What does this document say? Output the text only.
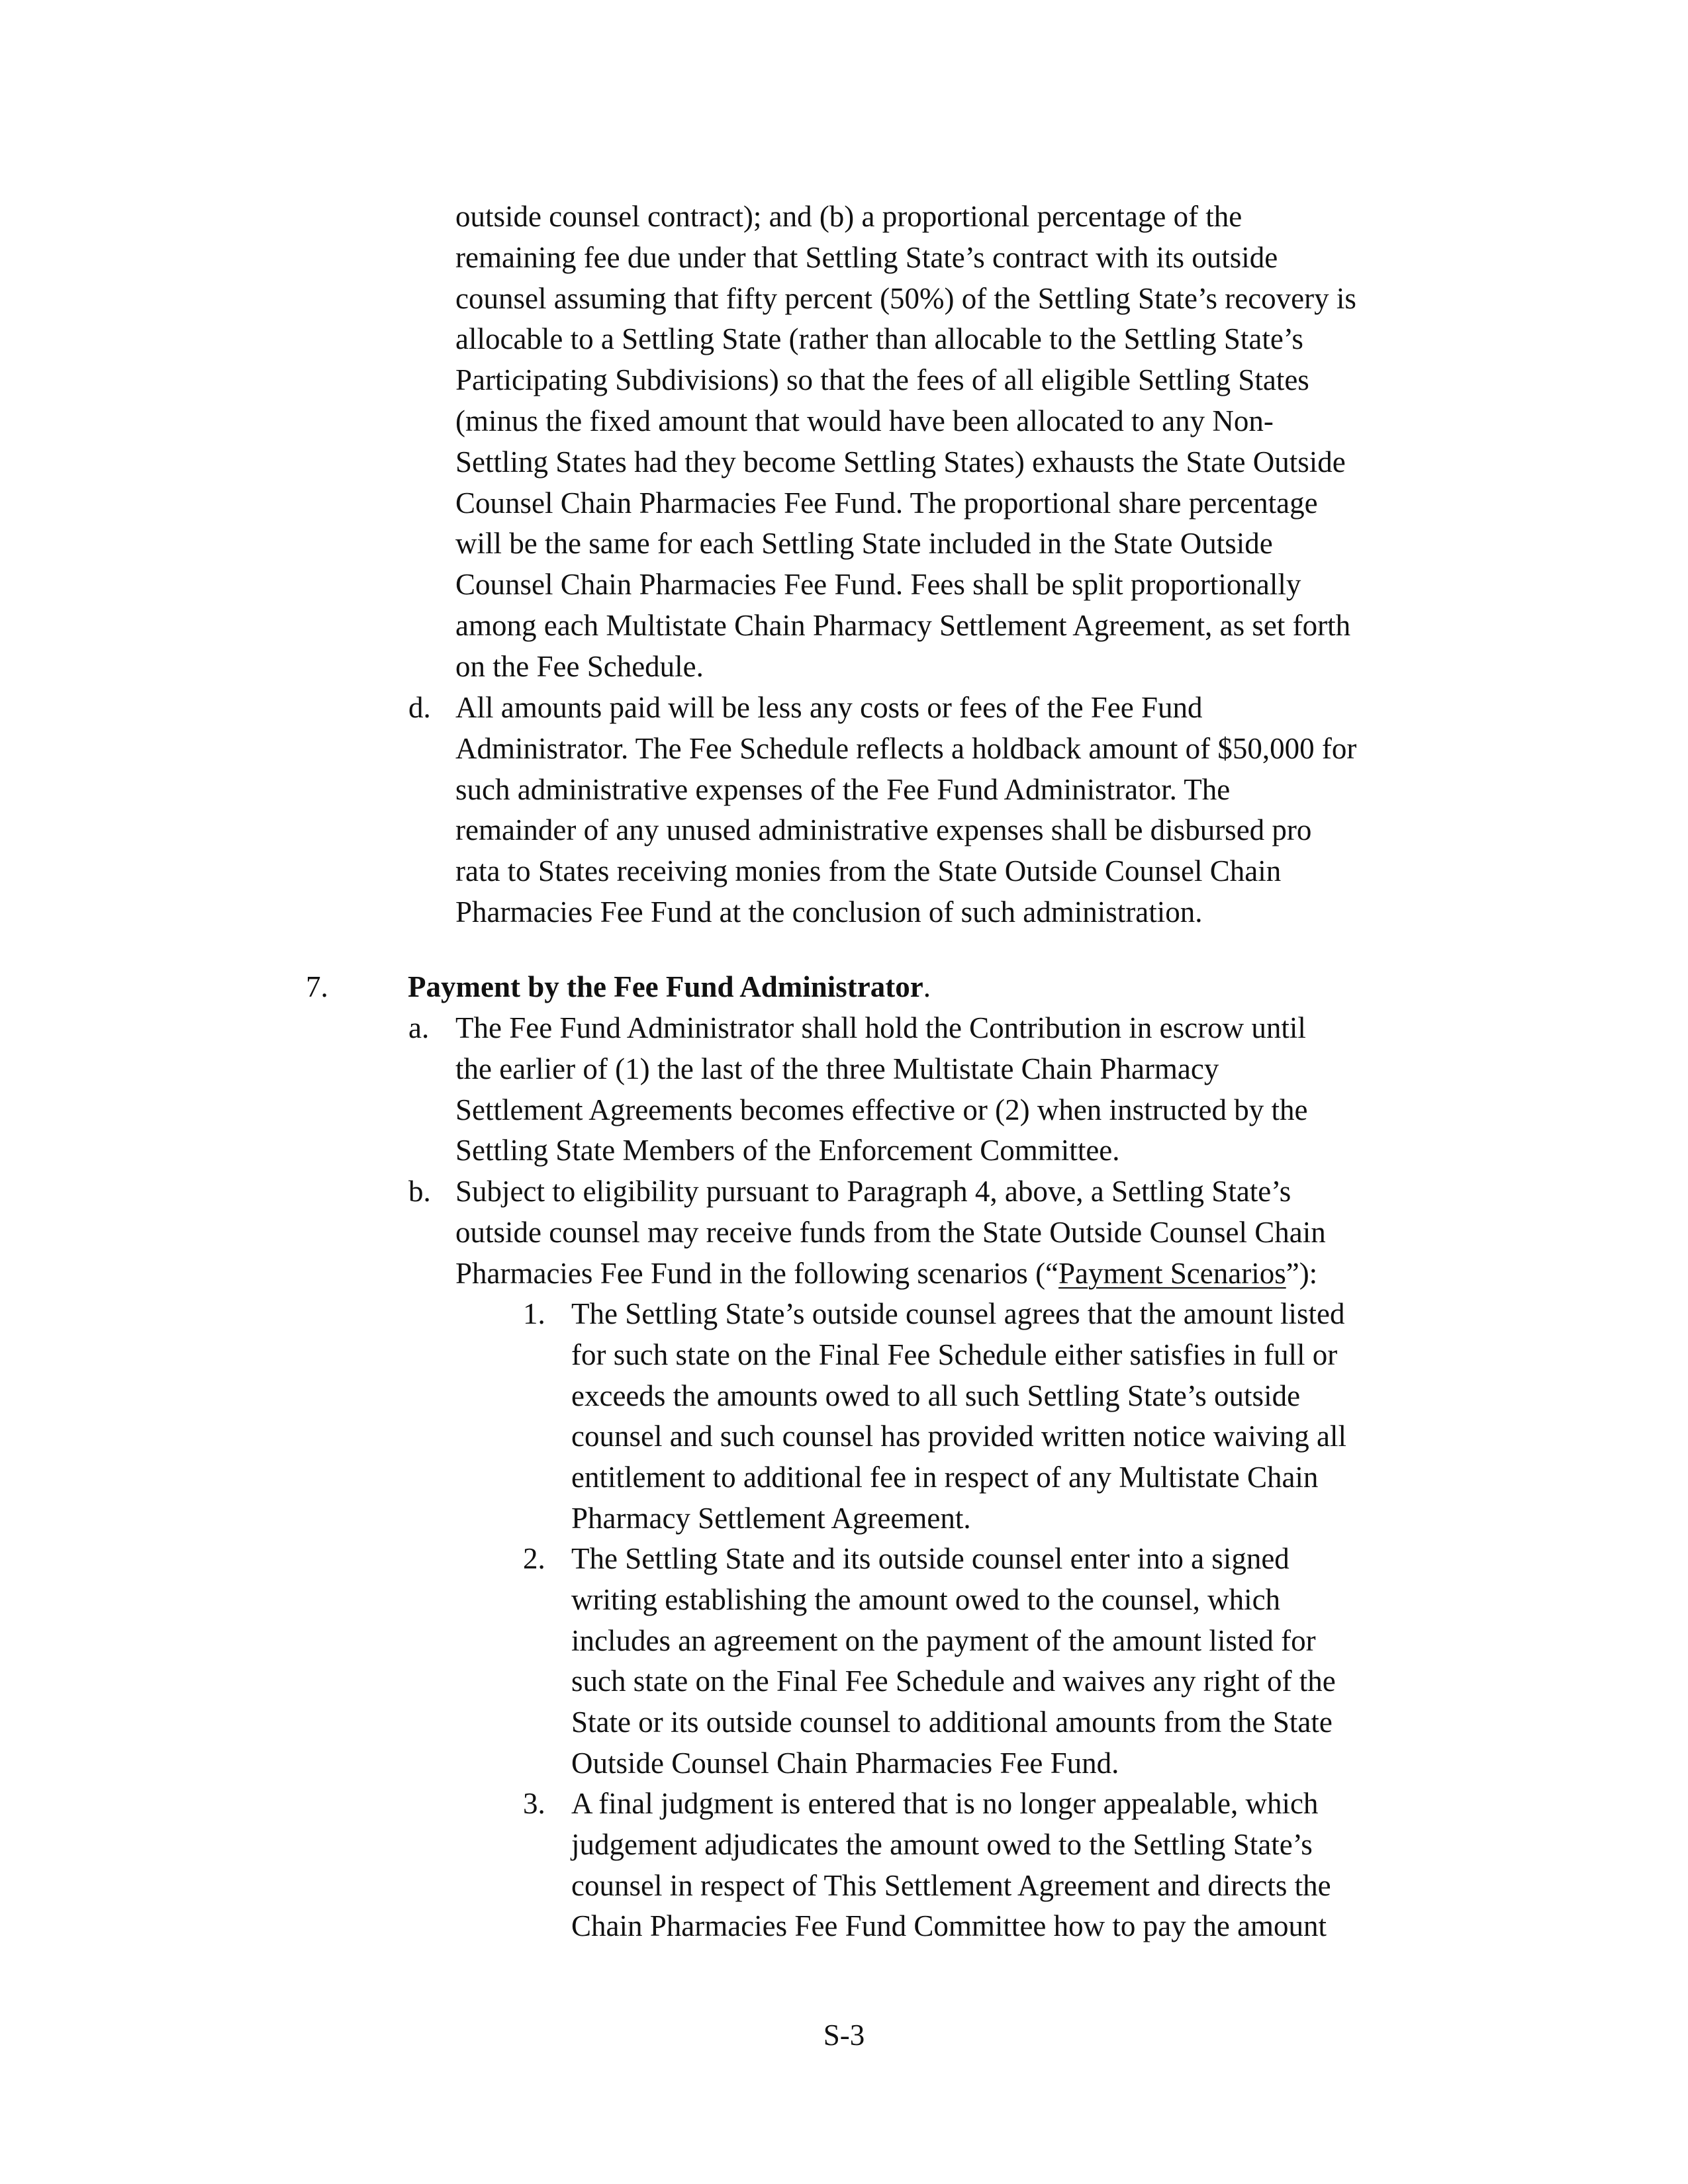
outside counsel contract); and (b) a proportional percentage of the
remaining fee due under that Settling State’s contract with its outside
counsel assuming that fifty percent (50%) of the Settling State’s recovery is
allocable to a Settling State (rather than allocable to the Settling State’s
Participating Subdivisions) so that the fees of all eligible Settling States
(minus the fixed amount that would have been allocated to any Non-
Settling States had they become Settling States) exhausts the State Outside
Counsel Chain Pharmacies Fee Fund. The proportional share percentage
will be the same for each Settling State included in the State Outside
Counsel Chain Pharmacies Fee Fund. Fees shall be split proportionally
among each Multistate Chain Pharmacy Settlement Agreement, as set forth
on the Fee Schedule.
d. All amounts paid will be less any costs or fees of the Fee Fund
Administrator. The Fee Schedule reflects a holdback amount of $50,000 for
such administrative expenses of the Fee Fund Administrator. The
remainder of any unused administrative expenses shall be disbursed pro
rata to States receiving monies from the State Outside Counsel Chain
Pharmacies Fee Fund at the conclusion of such administration.
7.	Payment by the Fee Fund Administrator.
a. The Fee Fund Administrator shall hold the Contribution in escrow until
the earlier of (1) the last of the three Multistate Chain Pharmacy
Settlement Agreements becomes effective or (2) when instructed by the
Settling State Members of the Enforcement Committee.
b. Subject to eligibility pursuant to Paragraph 4, above, a Settling State’s
outside counsel may receive funds from the State Outside Counsel Chain
Pharmacies Fee Fund in the following scenarios (“Payment Scenarios”):
1. The Settling State’s outside counsel agrees that the amount listed
for such state on the Final Fee Schedule either satisfies in full or
exceeds the amounts owed to all such Settling State’s outside
counsel and such counsel has provided written notice waiving all
entitlement to additional fee in respect of any Multistate Chain
Pharmacy Settlement Agreement.
2. The Settling State and its outside counsel enter into a signed
writing establishing the amount owed to the counsel, which
includes an agreement on the payment of the amount listed for
such state on the Final Fee Schedule and waives any right of the
State or its outside counsel to additional amounts from the State
Outside Counsel Chain Pharmacies Fee Fund.
3. A final judgment is entered that is no longer appealable, which
judgement adjudicates the amount owed to the Settling State’s
counsel in respect of This Settlement Agreement and directs the
Chain Pharmacies Fee Fund Committee how to pay the amount
S-3
